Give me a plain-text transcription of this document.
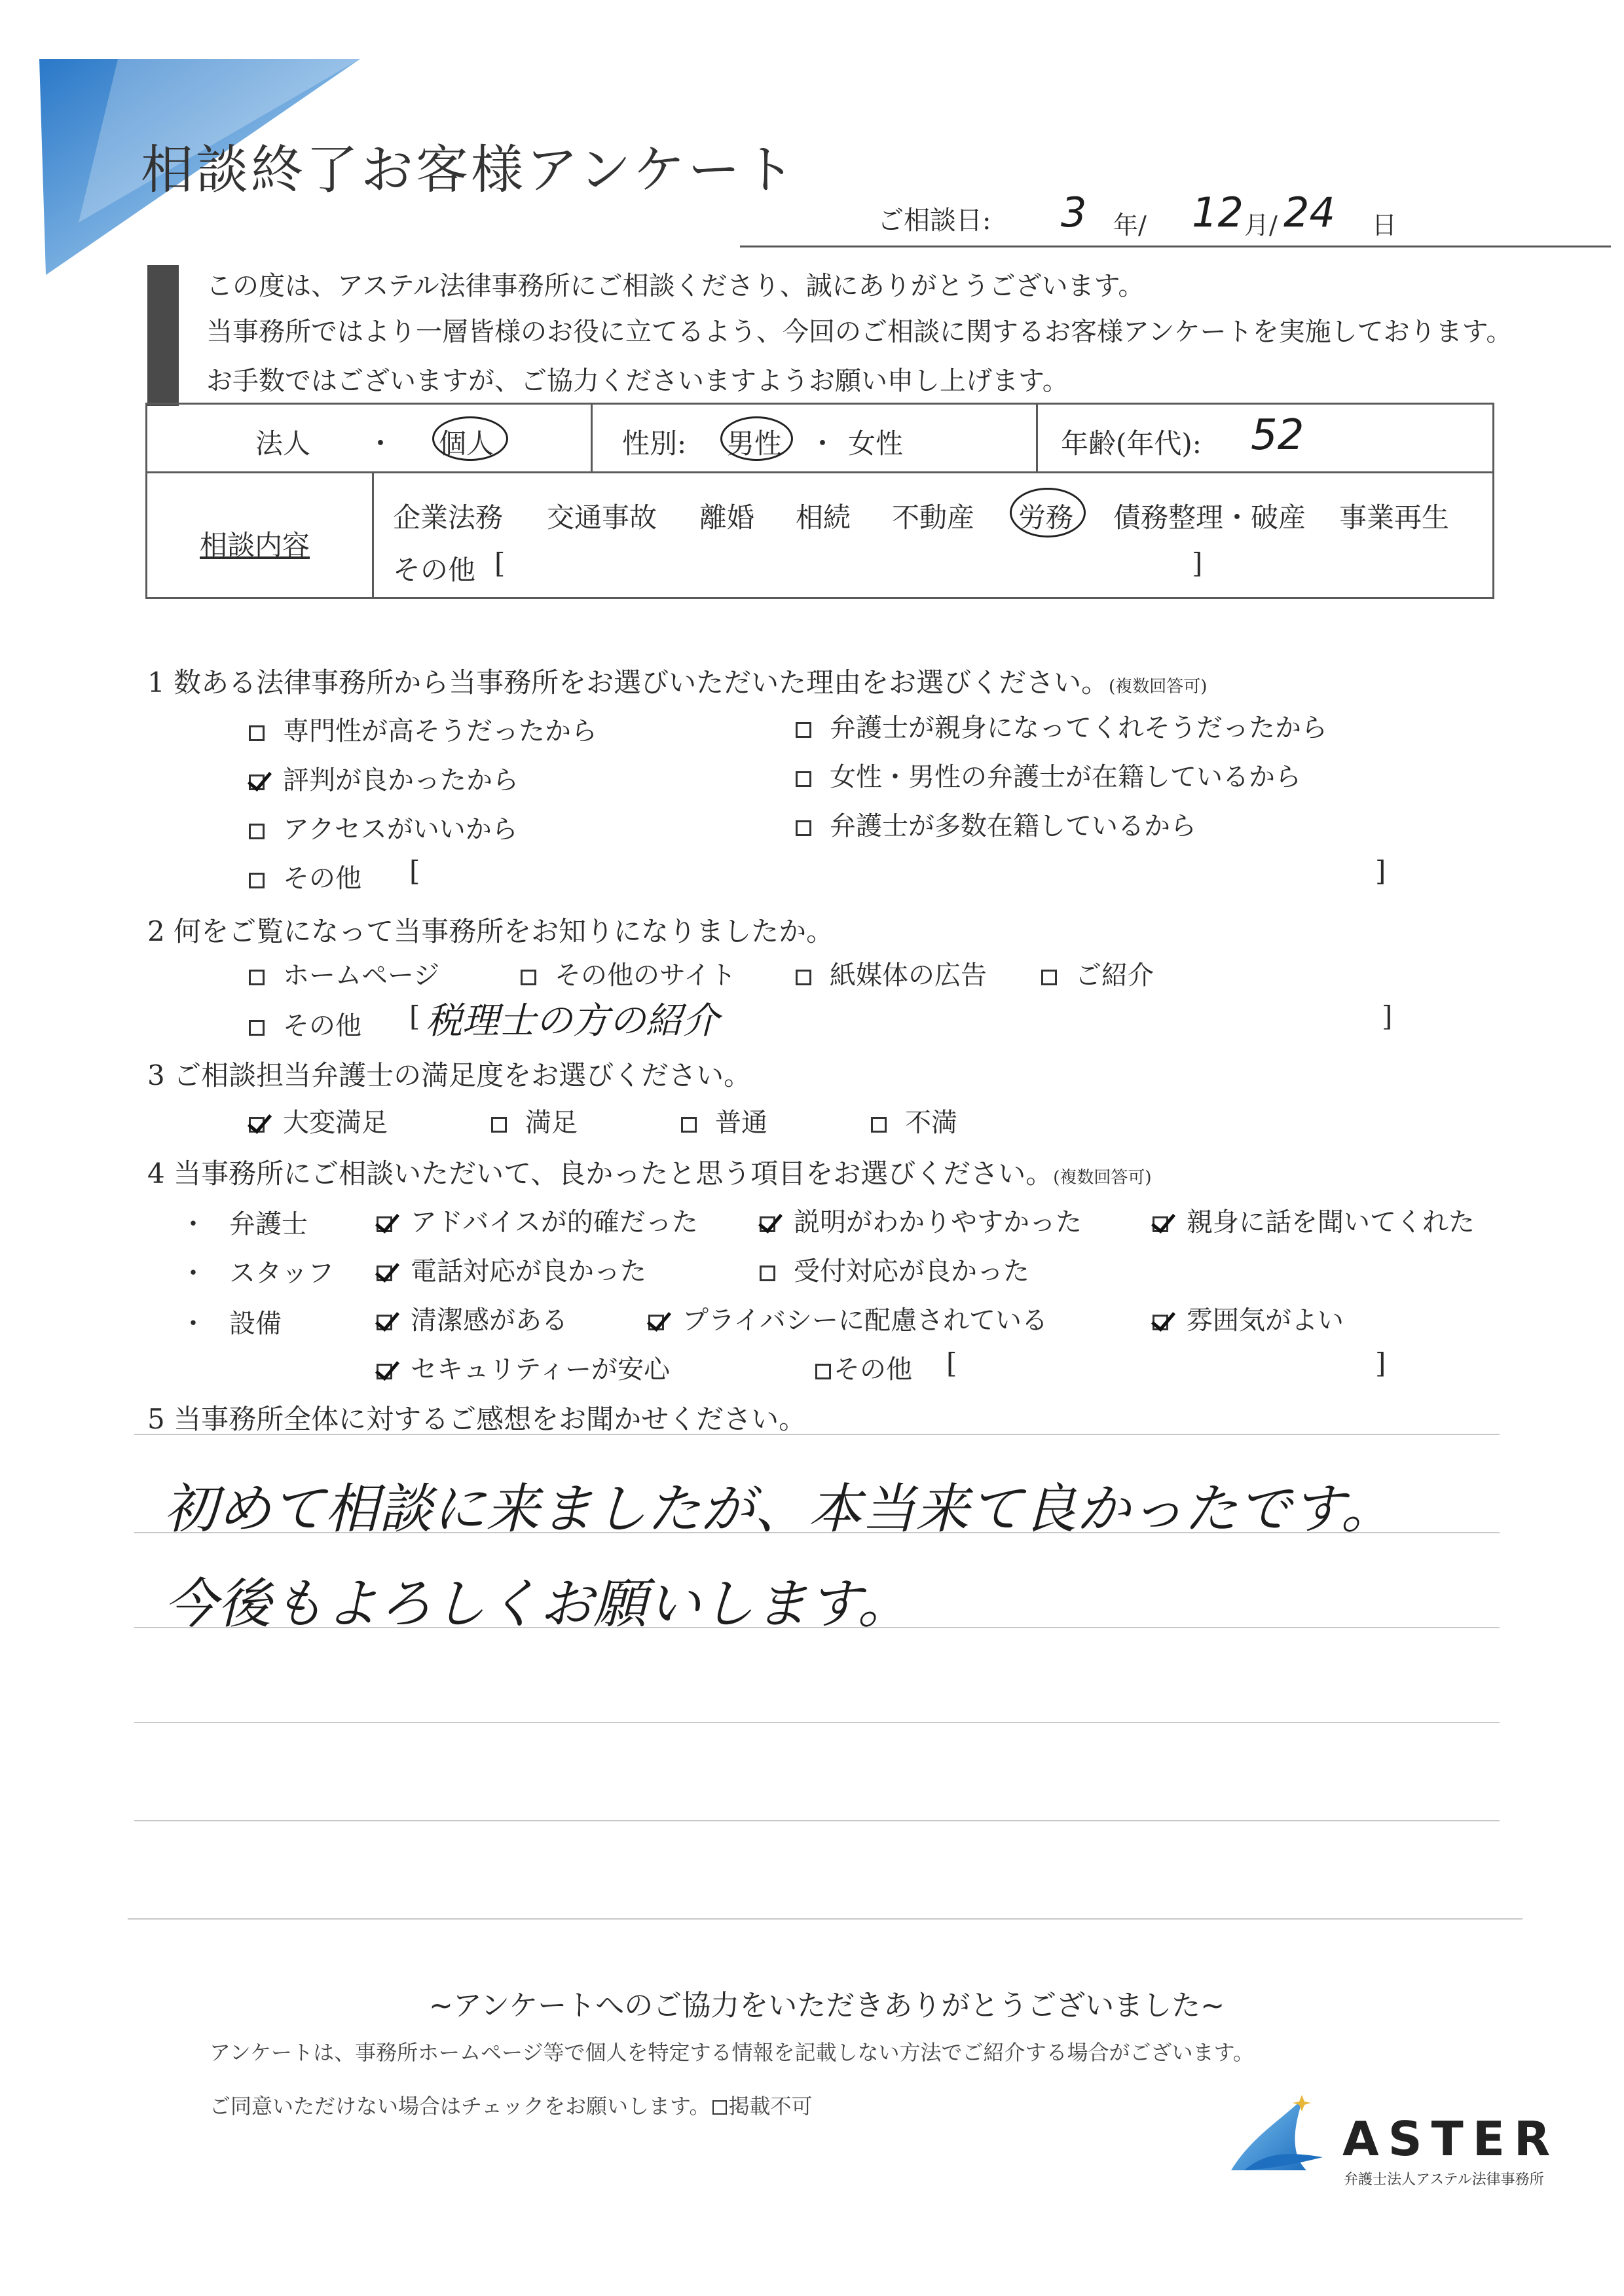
相談終了お客様アンケート
ご相談日: 3 年/ 12 月/ 24 日
この度は、アステル法律事務所にご相談くださり、誠にありがとうございます。
当事務所ではより一層皆様のお役に立てるよう、今回のご相談に関するお客様アンケートを実施しております。
お手数ではございますが、ご協力くださいますようお願い申し上げます。
法人 ・ 個人	性別: 男性 ・ 女性	年齢(年代): 52
相談内容
企業法務 交通事故 離婚 相続 不動産 労務 債務整理・破産 事業再生
その他 [	]
1 数ある法律事務所から当事務所をお選びいただいた理由をお選びください。(複数回答可)
専門性が高そうだったから	弁護士が親身になってくれそうだったから
評判が良かったから	女性・男性の弁護士が在籍しているから
アクセスがいいから	弁護士が多数在籍しているから
その他 [	]
2 何をご覧になって当事務所をお知りになりましたか。
ホームページ	その他のサイト	紙媒体の広告	ご紹介
その他 [ 税理士の方の紹介	]
3 ご相談担当弁護士の満足度をお選びください。
大変満足	満足	普通	不満
4 当事務所にご相談いただいて、良かったと思う項目をお選びください。(複数回答可)
・ 弁護士	アドバイスが的確だった	説明がわかりやすかった	親身に話を聞いてくれた
・ スタッフ	電話対応が良かった	受付対応が良かった
・ 設備	清潔感がある	プライバシーに配慮されている	雰囲気がよい
セキュリティーが安心	その他 [	]
5 当事務所全体に対するご感想をお聞かせください。
初めて相談に来ましたが、本当来て良かったです。
今後もよろしくお願いします。
~アンケートへのご協力をいただきありがとうございました~
アンケートは、事務所ホームページ等で個人を特定する情報を記載しない方法でご紹介する場合がございます。
ご同意いただけない場合はチェックをお願いします。 掲載不可
ASTER
弁護士法人アステル法律事務所
